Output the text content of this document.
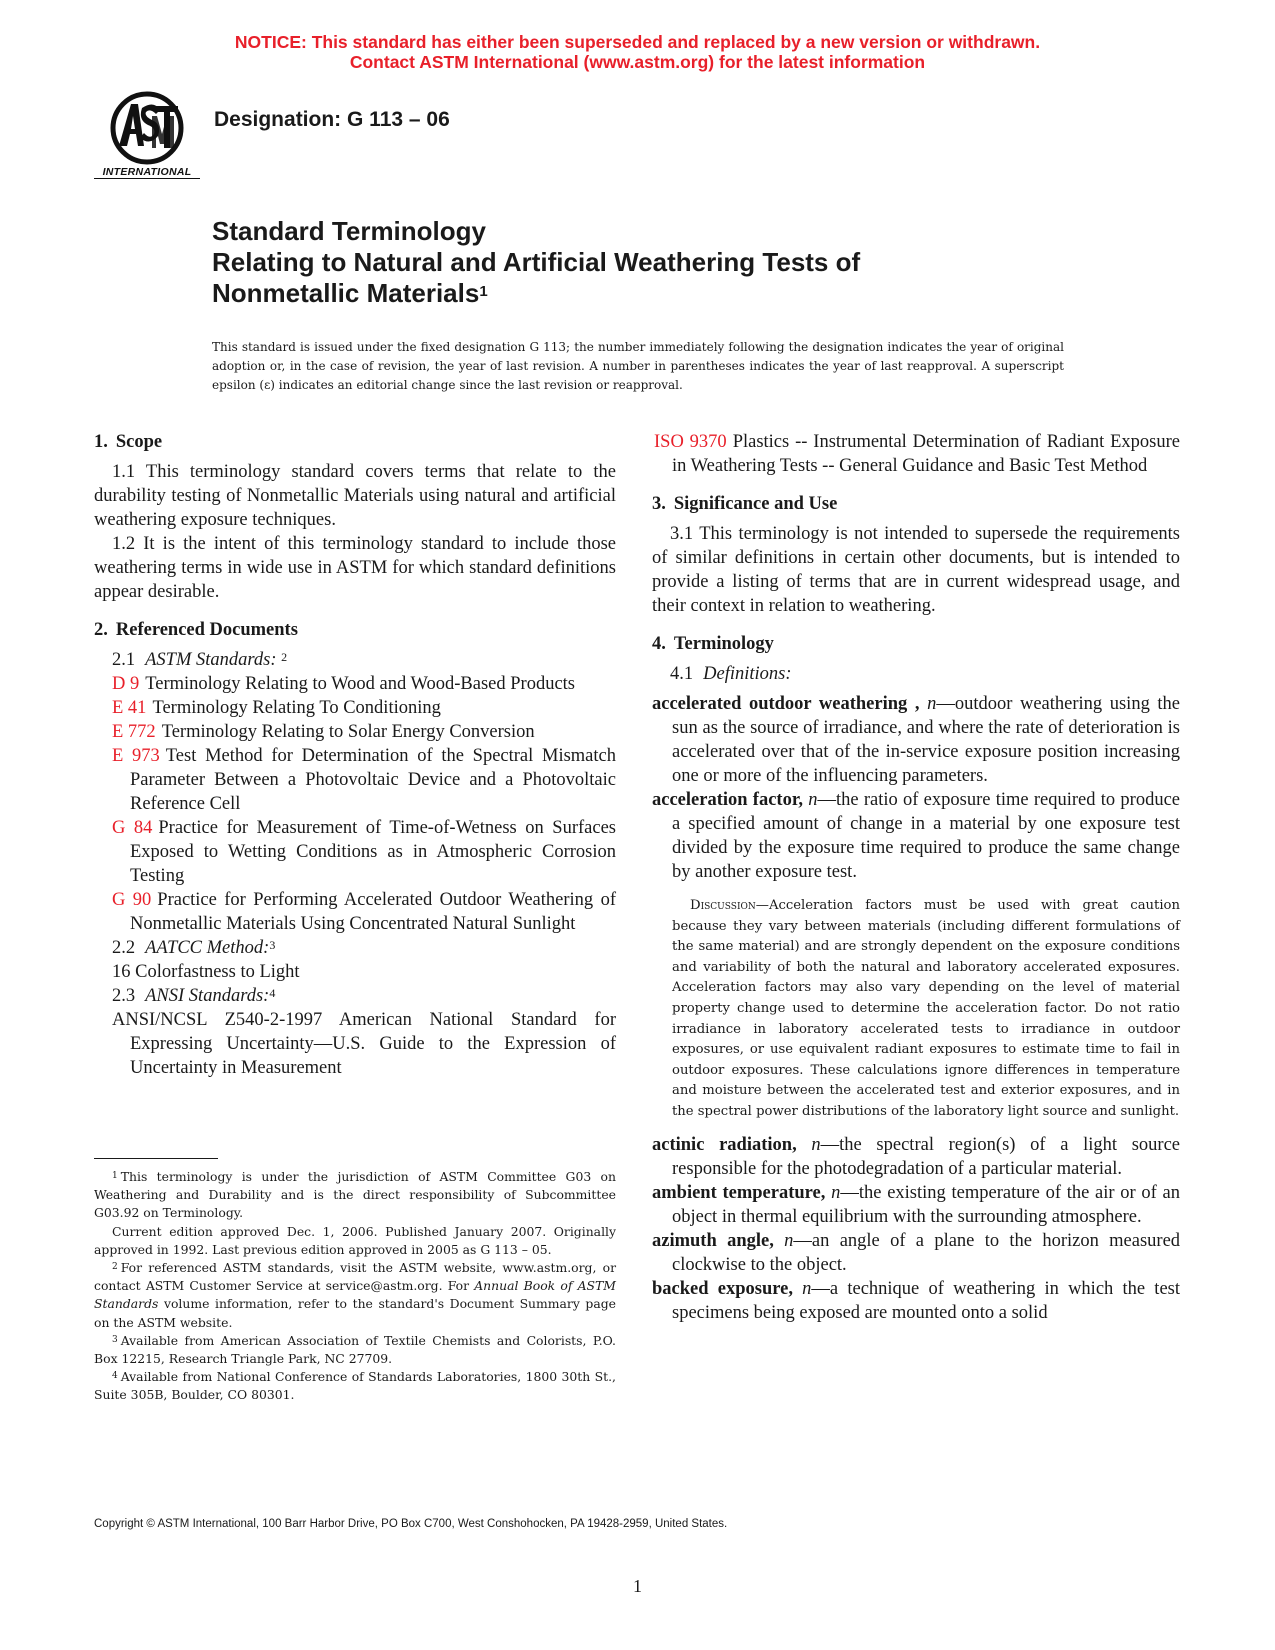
NOTICE: This standard has either been superseded and replaced by a new version or withdrawn.
Contact ASTM International (www.astm.org) for the latest information
INTERNATIONAL
Designation: G 113 – 06
Standard Terminology
Relating to Natural and Artificial Weathering Tests of
Nonmetallic Materials$^1$
This standard is issued under the fixed designation G 113; the number immediately following the designation indicates the year of original adoption or, in the case of revision, the year of last revision. A number in parentheses indicates the year of last reapproval. A superscript epsilon (ε) indicates an editorial change since the last revision or reapproval.
1. Scope
1.1 This terminology standard covers terms that relate to the durability testing of Nonmetallic Materials using natural and artificial weathering exposure techniques.
1.2 It is the intent of this terminology standard to include those weathering terms in wide use in ASTM for which standard definitions appear desirable.
2. Referenced Documents
2.1 ASTM Standards: $^2$
D 9 Terminology Relating to Wood and Wood-Based Products
E 41 Terminology Relating To Conditioning
E 772 Terminology Relating to Solar Energy Conversion
E 973 Test Method for Determination of the Spectral Mismatch Parameter Between a Photovoltaic Device and a Photovoltaic Reference Cell
G 84 Practice for Measurement of Time-of-Wetness on Surfaces Exposed to Wetting Conditions as in Atmospheric Corrosion Testing
G 90 Practice for Performing Accelerated Outdoor Weathering of Nonmetallic Materials Using Concentrated Natural Sunlight
2.2 AATCC Method:$^3$
16 Colorfastness to Light
2.3 ANSI Standards:$^4$
ANSI/NCSL Z540-2-1997 American National Standard for Expressing Uncertainty—U.S. Guide to the Expression of Uncertainty in Measurement
$^1$ This terminology is under the jurisdiction of ASTM Committee G03 on Weathering and Durability and is the direct responsibility of Subcommittee G03.92 on Terminology.
Current edition approved Dec. 1, 2006. Published January 2007. Originally approved in 1992. Last previous edition approved in 2005 as G 113 – 05.
$^2$ For referenced ASTM standards, visit the ASTM website, www.astm.org, or contact ASTM Customer Service at service@astm.org. For Annual Book of ASTM Standards volume information, refer to the standard's Document Summary page on the ASTM website.
$^3$ Available from American Association of Textile Chemists and Colorists, P.O. Box 12215, Research Triangle Park, NC 27709.
$^4$ Available from National Conference of Standards Laboratories, 1800 30th St., Suite 305B, Boulder, CO 80301.
ISO 9370 Plastics -- Instrumental Determination of Radiant Exposure in Weathering Tests -- General Guidance and Basic Test Method
3. Significance and Use
3.1 This terminology is not intended to supersede the requirements of similar definitions in certain other documents, but is intended to provide a listing of terms that are in current widespread usage, and their context in relation to weathering.
4. Terminology
4.1 Definitions:
accelerated outdoor weathering , n—outdoor weathering using the sun as the source of irradiance, and where the rate of deterioration is accelerated over that of the in-service exposure position increasing one or more of the influencing parameters.
acceleration factor, n—the ratio of exposure time required to produce a specified amount of change in a material by one exposure test divided by the exposure time required to produce the same change by another exposure test.
Discussion—Acceleration factors must be used with great caution because they vary between materials (including different formulations of the same material) and are strongly dependent on the exposure conditions and variability of both the natural and laboratory accelerated exposures. Acceleration factors may also vary depending on the level of material property change used to determine the acceleration factor. Do not ratio irradiance in laboratory accelerated tests to irradiance in outdoor exposures, or use equivalent radiant exposures to estimate time to fail in outdoor exposures. These calculations ignore differences in temperature and moisture between the accelerated test and exterior exposures, and in the spectral power distributions of the laboratory light source and sunlight.
actinic radiation, n—the spectral region(s) of a light source responsible for the photodegradation of a particular material.
ambient temperature, n—the existing temperature of the air or of an object in thermal equilibrium with the surrounding atmosphere.
azimuth angle, n—an angle of a plane to the horizon measured clockwise to the object.
backed exposure, n—a technique of weathering in which the test specimens being exposed are mounted onto a solid
Copyright © ASTM International, 100 Barr Harbor Drive, PO Box C700, West Conshohocken, PA 19428-2959, United States.
1
